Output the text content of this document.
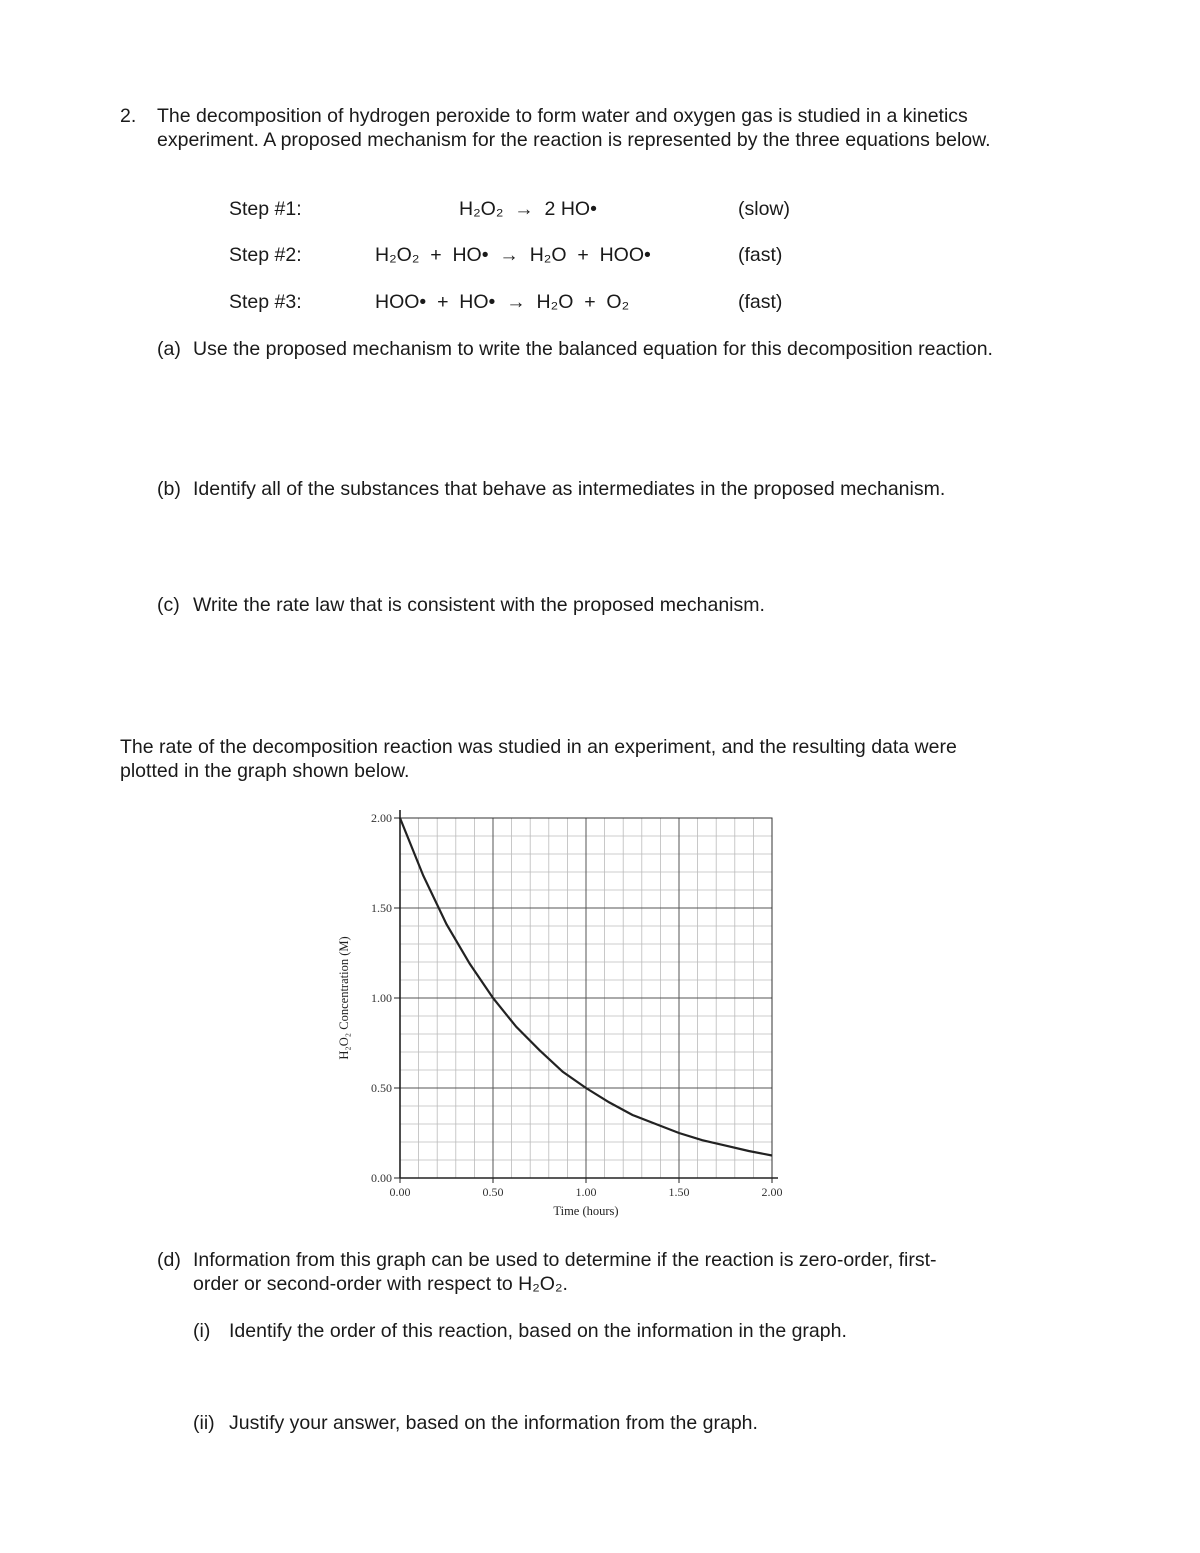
2. The decomposition of hydrogen peroxide to form water and oxygen gas is studied in a kinetics experiment. A proposed mechanism for the reaction is represented by the three equations below.
Step #1:	H₂O₂  →  2 HO•	(slow)
Step #2:	H₂O₂  +  HO•  →  H₂O  +  HOO•	(fast)
Step #3:	HOO•  +  HO•  →  H₂O  +  O₂	(fast)
(a) Use the proposed mechanism to write the balanced equation for this decomposition reaction.
(b) Identify all of the substances that behave as intermediates in the proposed mechanism.
(c) Write the rate law that is consistent with the proposed mechanism.
The rate of the decomposition reaction was studied in an experiment, and the resulting data were plotted in the graph shown below.
0.00
0.50
1.00
1.50
2.00
0.00	0.50	1.00	1.50	2.00
Time (hours)
H₂O₂ Concentration (M)
(d) Information from this graph can be used to determine if the reaction is zero-order, first-order or second-order with respect to H₂O₂.
(i) Identify the order of this reaction, based on the information in the graph.
(ii) Justify your answer, based on the information from the graph.
